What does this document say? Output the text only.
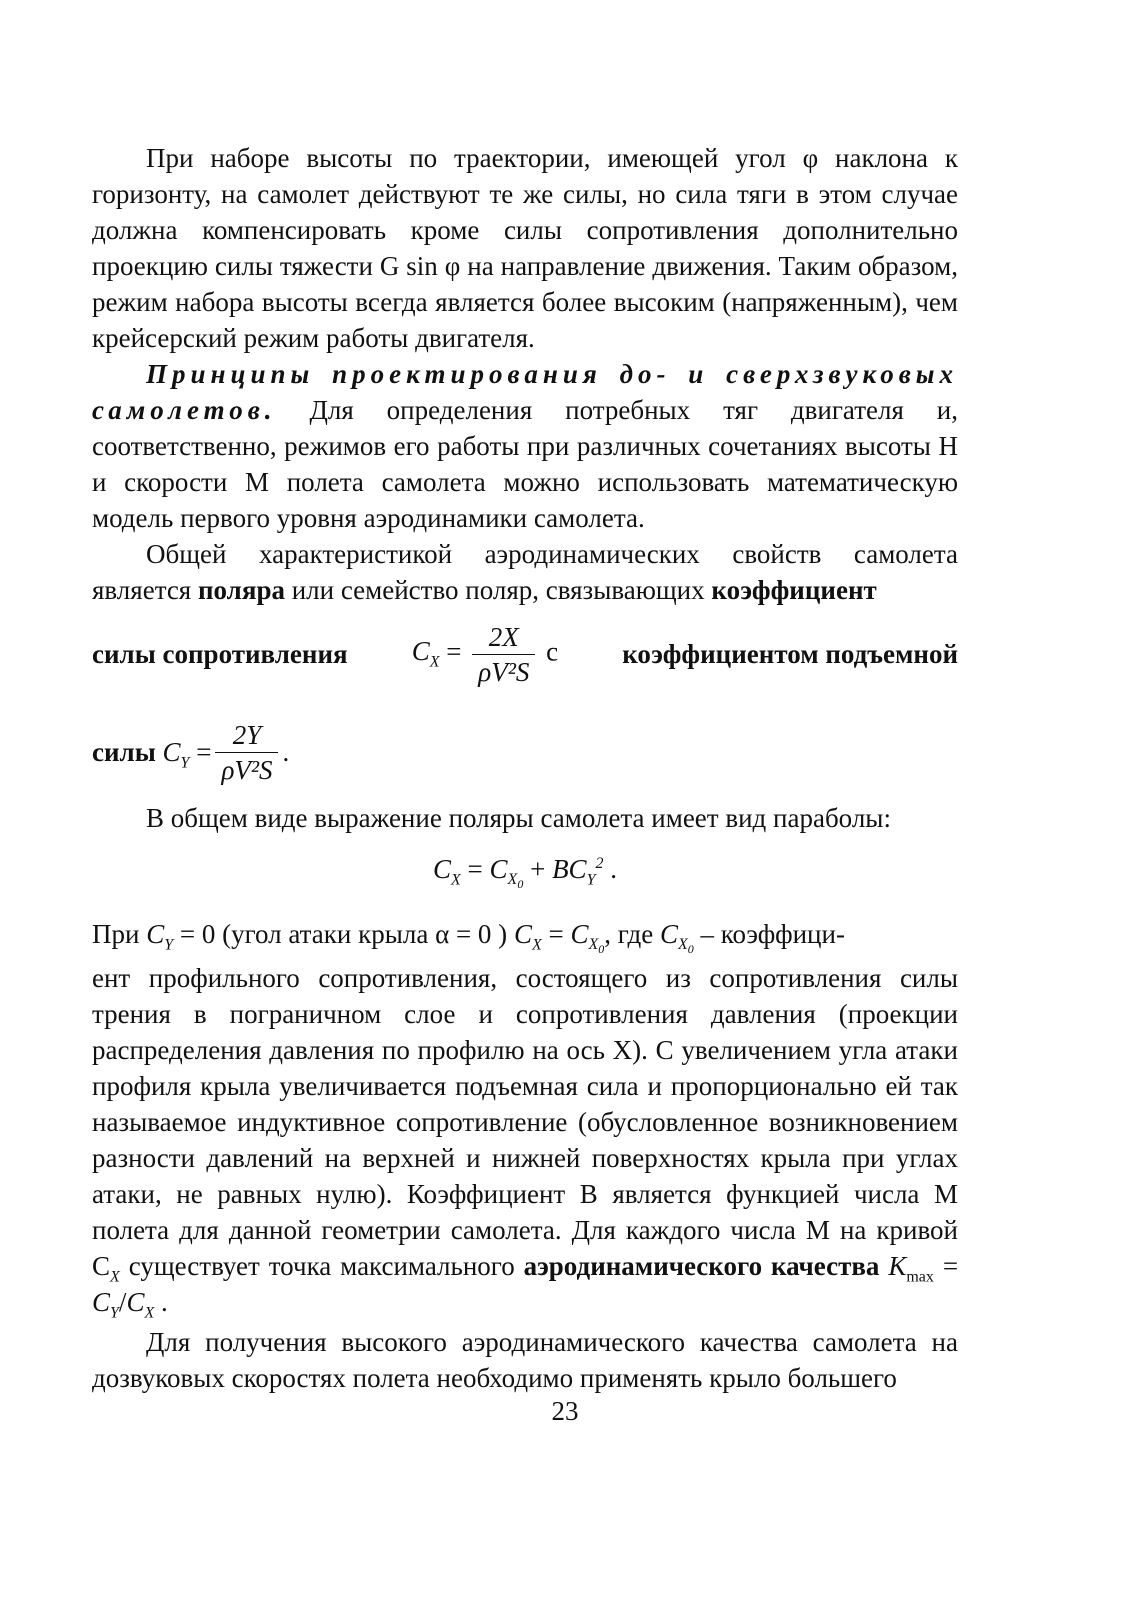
При наборе высоты по траектории, имеющей угол φ наклона к горизонту, на самолет действуют те же силы, но сила тяги в этом случае должна компенсировать кроме силы сопротивления дополнительно проекцию силы тяжести G sin φ на направление движения. Таким образом, режим набора высоты всегда является более высоким (напряженным), чем крейсерский режим работы двигателя.

Принципы проектирования до- и сверхзвуковых самолетов. Для определения потребных тяг двигателя и, соответственно, режимов его работы при различных сочетаниях высоты H и скорости M полета самолета можно использовать математическую модель первого уровня аэродинамики самолета.

Общей характеристикой аэродинамических свойств самолета является поляра или семейство поляр, связывающих коэффициент

силы сопротивления $C_X = \frac{2X}{\text{ρV²S}}$ с коэффициентом подъемной
силы
$C_Y = \frac{2Y}{\text{ρV²S}}$ .

В общем виде выражение поляры самолета имеет вид параболы:

$C_X = C_{X_0} + BC_Y^2$ .

При $C_Y = 0$ (угол атаки крыла α = 0 ) $C_X = C_{X_0}$, где $C_{X_0}$ – коэффици-

ент профильного сопротивления, состоящего из сопротивления силы трения в пограничном слое и сопротивления давления (проекции распределения давления по профилю на ось X). С увеличением угла атаки профиля крыла увеличивается подъемная сила и пропорционально ей так называемое индуктивное сопротивление (обусловленное возникновением разности давлений на верхней и нижней поверхностях крыла при углах атаки, не равных нулю). Коэффициент B является функцией числа M полета для данной геометрии самолета. Для каждого числа M на кривой $C_X$ существует точка максимального аэродинамического качества $K_{max} = C_Y/C_X$ .

Для получения высокого аэродинамического качества самолета на дозвуковых скоростях полета необходимо применять крыло большего

23
